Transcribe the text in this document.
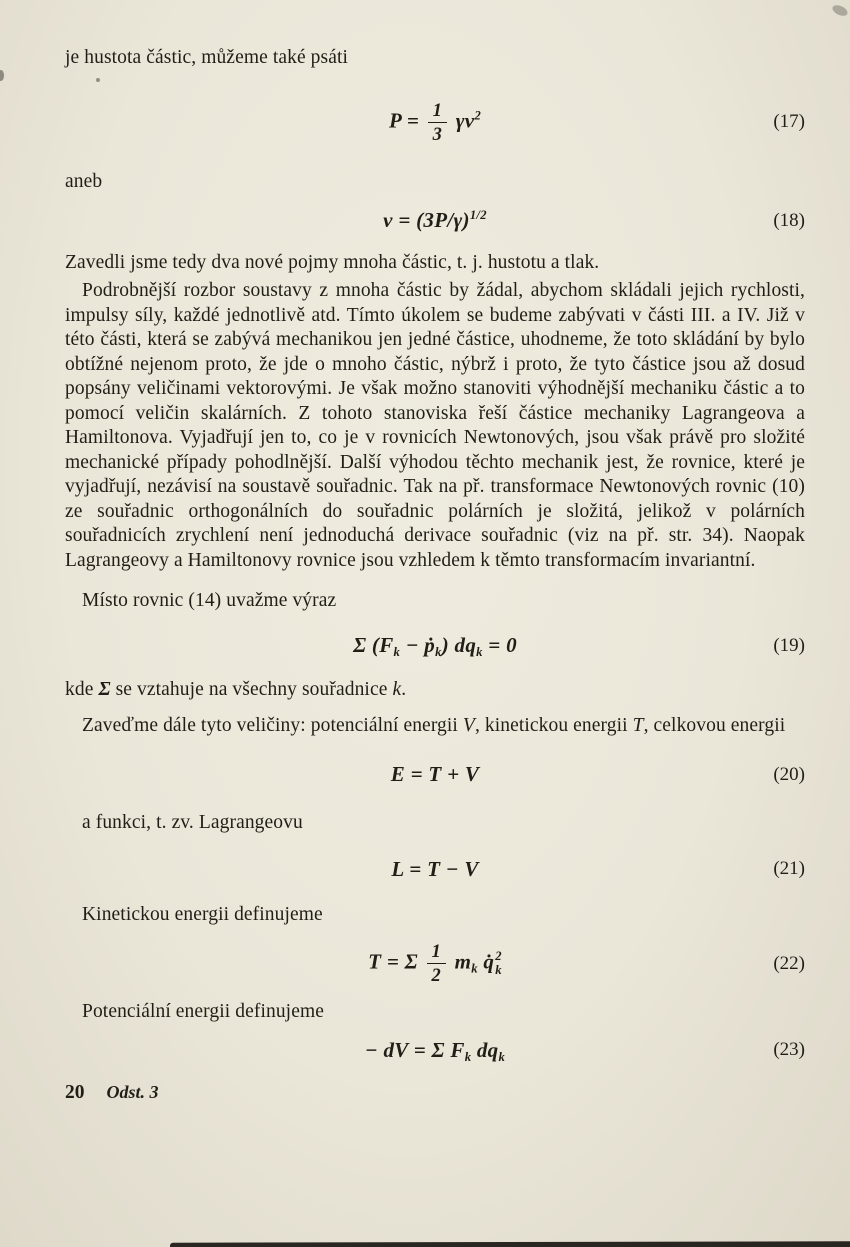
je hustota částic, můžeme také psáti

$P = \frac{1}{3} \gamma v^2$	(17)

aneb

$v = (3P/\gamma)^{1/2}$	(18)

Zavedli jsme tedy dva nové pojmy mnoha částic, t. j. hustotu a tlak.

Podrobnější rozbor soustavy z mnoha částic by žádal, abychom skládali jejich rychlosti, impulsy síly, každé jednotlivě atd. Tímto úkolem se budeme zabývati v části III. a IV. Již v této části, která se zabývá mechanikou jen jedné částice, uhodneme, že toto skládání by bylo obtížné nejenom proto, že jde o mnoho částic, nýbrž i proto, že tyto částice jsou až dosud popsány veličinami vektorovými. Je však možno stanoviti výhodnější mechaniku částic a to pomocí veličin skalárních. Z tohoto stanoviska řeší částice mechaniky Lagrangeova a Hamiltonova. Vyjadřují jen to, co je v rovnicích Newtonových, jsou však právě pro složité mechanické případy pohodlnější. Další výhodou těchto mechanik jest, že rovnice, které je vyjadřují, nezávisí na soustavě souřadnic. Tak na př. transformace Newtonových rovnic (10) ze souřadnic orthogonálních do souřadnic polárních je složitá, jelikož v polárních souřadnicích zrychlení není jednoduchá derivace souřadnic (viz na př. str. 34). Naopak Lagrangeovy a Hamiltonovy rovnice jsou vzhledem k těmto transformacím invariantní.

Místo rovnic (14) uvažme výraz

Σ ($F_k$ − ṗ$_k$) $dq_k = 0$	(19)

kde Σ se vztahuje na všechny souřadnice k.

Zaveďme dále tyto veličiny: potenciální energii V, kinetickou energii T, celkovou energii

E = T + V	(20)

a funkci, t. zv. Lagrangeovu

L = T − V	(21)

Kinetickou energii definujeme

T = Σ $\frac{1}{2} m_k$ q̇ 2
k	(22)

Potenciální energii definujeme

− dV = Σ $F_k$ $dq_k$	(23)
20 Odst. 3
